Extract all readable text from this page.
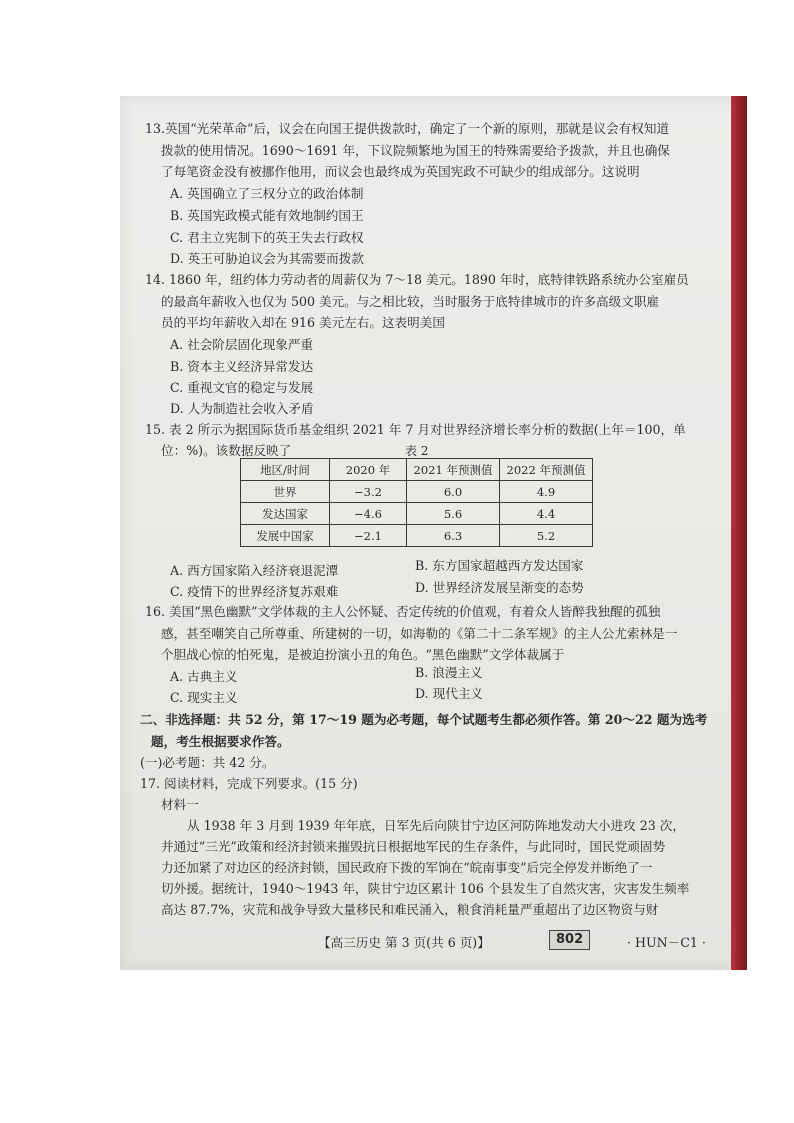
13.英国“光荣革命”后，议会在向国王提供拨款时，确定了一个新的原则，那就是议会有权知道
拨款的使用情况。1690～1691 年，下议院频繁地为国王的特殊需要给予拨款，并且也确保
了每笔资金没有被挪作他用，而议会也最终成为英国宪政不可缺少的组成部分。这说明
A. 英国确立了三权分立的政治体制
B. 英国宪政模式能有效地制约国王
C. 君主立宪制下的英王失去行政权
D. 英王可胁迫议会为其需要而拨款
14. 1860 年，纽约体力劳动者的周薪仅为 7～18 美元。1890 年时，底特律铁路系统办公室雇员
的最高年薪收入也仅为 500 美元。与之相比较，当时服务于底特律城市的许多高级文职雇
员的平均年薪收入却在 916 美元左右。这表明美国
A. 社会阶层固化现象严重
B. 资本主义经济异常发达
C. 重视文官的稳定与发展
D. 人为制造社会收入矛盾
15. 表 2 所示为据国际货币基金组织 2021 年 7 月对世界经济增长率分析的数据(上年＝100，单
位：%)。该数据反映了	表 2
地区/时间	2020 年	2021 年预测值	2022 年预测值
世界	−3.2	6.0	4.9
发达国家	−4.6	5.6	4.4
发展中国家	−2.1	6.3	5.2
A. 西方国家陷入经济衰退泥潭	B. 东方国家超越西方发达国家
C. 疫情下的世界经济复苏艰难	D. 世界经济发展呈渐变的态势
16. 美国“黑色幽默”文学体裁的主人公怀疑、否定传统的价值观，有着众人皆醉我独醒的孤独
感，甚至嘲笑自己所尊重、所建树的一切，如海勒的《第二十二条军规》的主人公尤索林是一
个胆战心惊的怕死鬼，是被迫扮演小丑的角色。“黑色幽默”文学体裁属于
A. 古典主义	B. 浪漫主义
C. 现实主义	D. 现代主义
二、非选择题：共 52 分，第 17～19 题为必考题，每个试题考生都必须作答。第 20～22 题为选考
题，考生根据要求作答。
(一)必考题：共 42 分。
17. 阅读材料，完成下列要求。(15 分)
材料一
从 1938 年 3 月到 1939 年年底，日军先后向陕甘宁边区河防阵地发动大小进攻 23 次，
并通过“三光”政策和经济封锁来摧毁抗日根据地军民的生存条件，与此同时，国民党顽固势
力还加紧了对边区的经济封锁，国民政府下拨的军饷在“皖南事变”后完全停发并断绝了一
切外援。据统计，1940～1943 年，陕甘宁边区累计 106 个县发生了自然灾害，灾害发生频率
高达 87.7%，灾荒和战争导致大量移民和难民涌入，粮食消耗量严重超出了边区物资与财
【高三历史 第 3 页(共 6 页)】	802	· HUN－C1 ·
